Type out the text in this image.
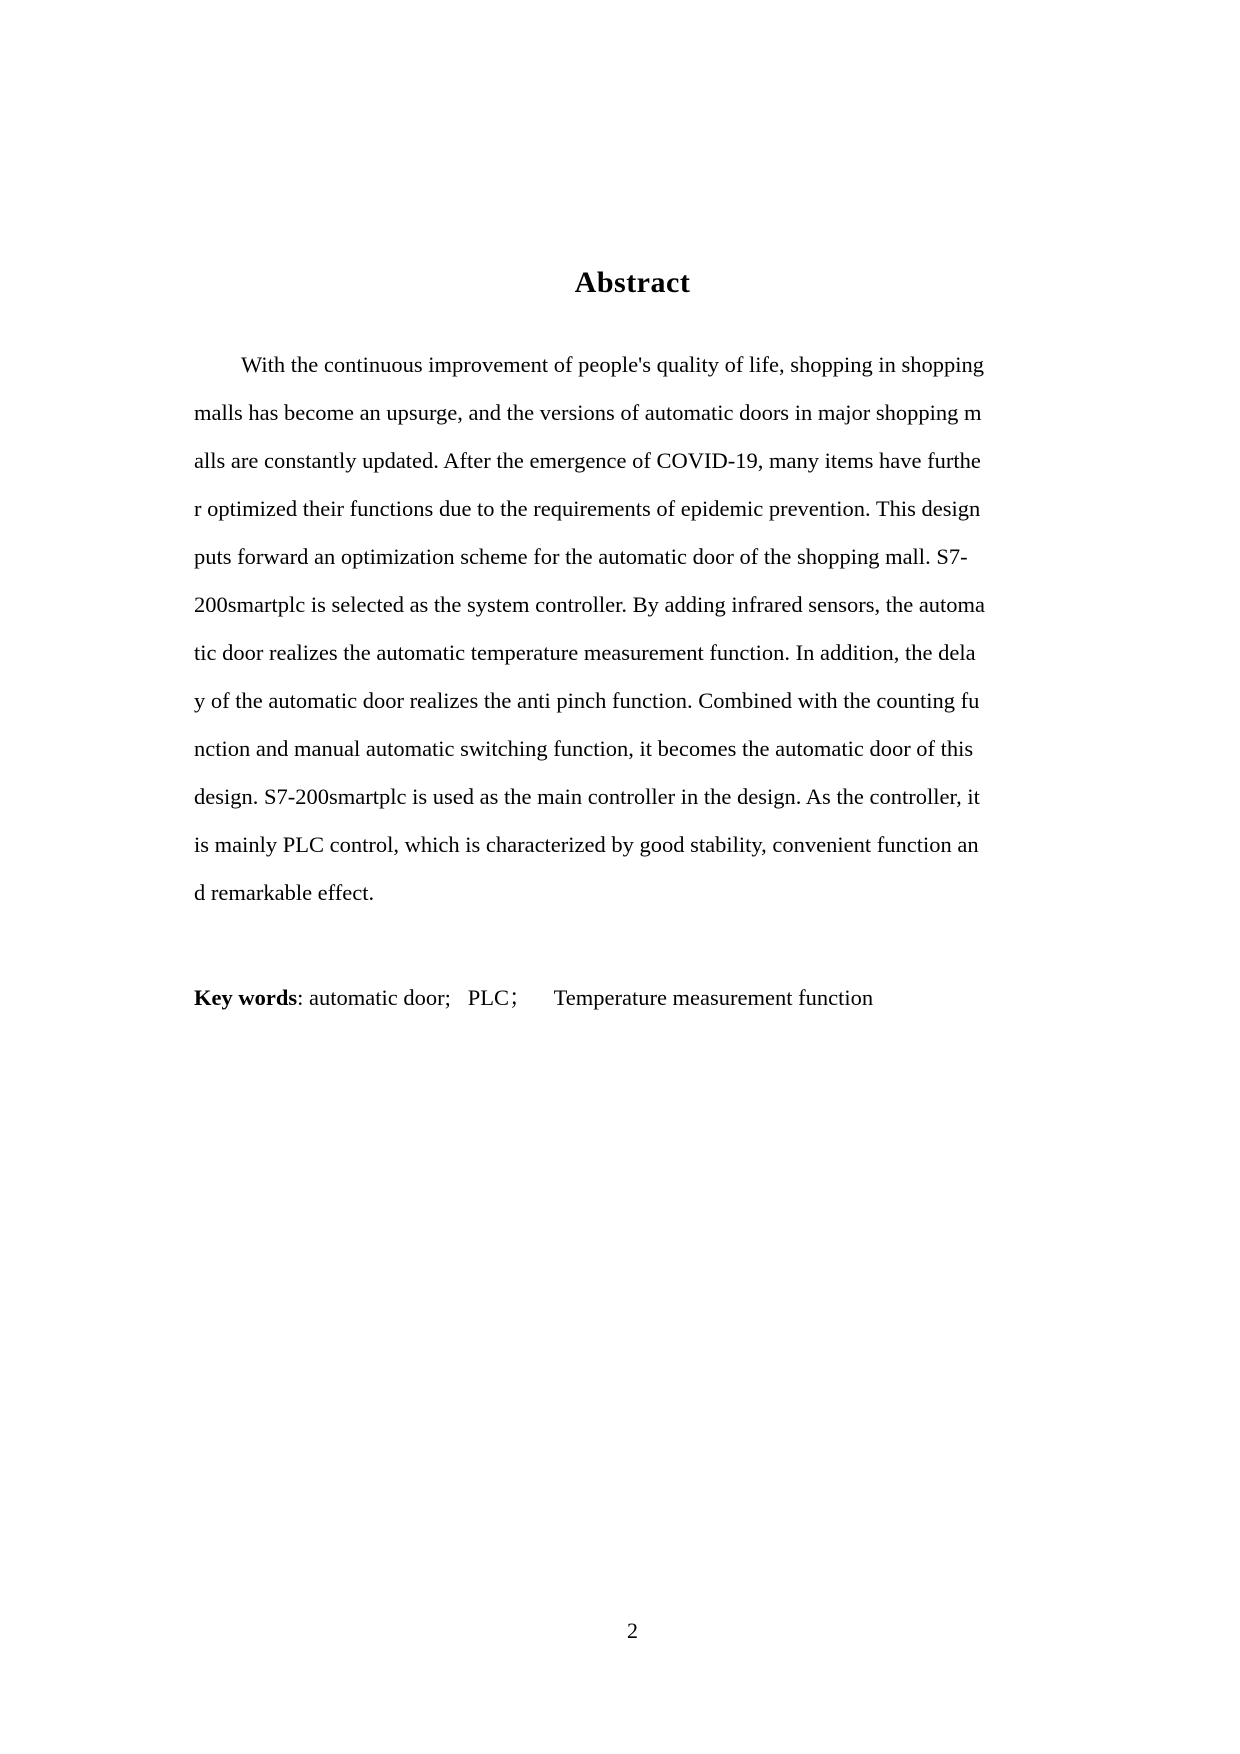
Abstract
With the continuous improvement of people's quality of life, shopping in shopping
malls has become an upsurge, and the versions of automatic doors in major shopping m
alls are constantly updated. After the emergence of COVID-19, many items have furthe
r optimized their functions due to the requirements of epidemic prevention. This design
puts forward an optimization scheme for the automatic door of the shopping mall. S7-
200smartplc is selected as the system controller. By adding infrared sensors, the automa
tic door realizes the automatic temperature measurement function. In addition, the dela
y of the automatic door realizes the anti pinch function. Combined with the counting fu
nction and manual automatic switching function, it becomes the automatic door of this
design. S7-200smartplc is used as the main controller in the design. As the controller, it
is mainly PLC control, which is characterized by good stability, convenient function an
d remarkable effect.
Key words: automatic door;   PLC；    Temperature measurement function
2
